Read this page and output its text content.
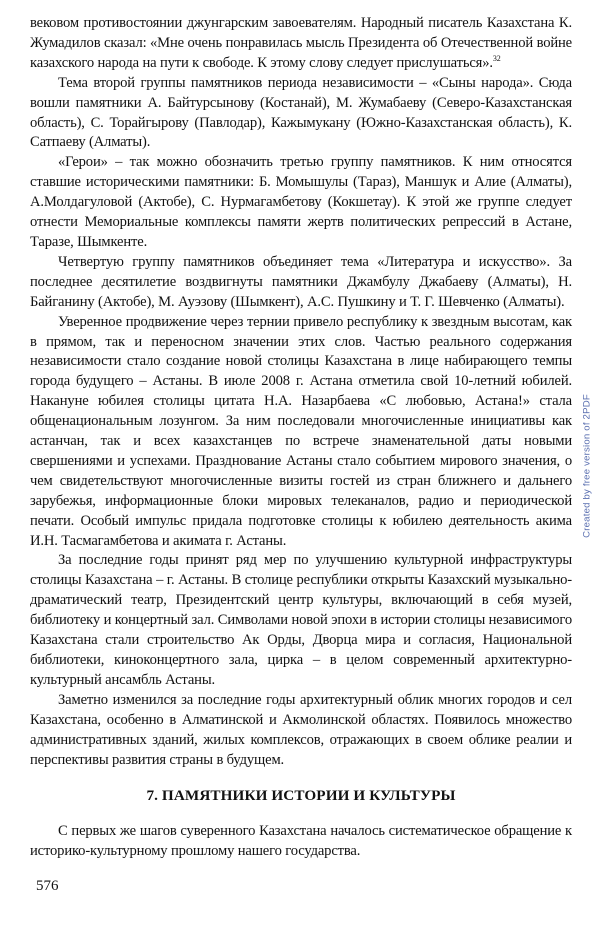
вековом противостоянии джунгарским завоевателям. Народный писатель Казахстана К. Жумадилов сказал: «Мне очень понравилась мысль Президента об Отечественной войне казахского народа на пути к свободе. К этому слову следует прислушаться».$^{32}$

Тема второй группы памятников периода независимости – «Сыны народа». Сюда вошли памятники А. Байтурсынову (Костанай), М. Жумабаеву (Северо-Казахстанская область), С. Торайгырову (Павлодар), Кажымукану (Южно-Казахстанская область), К. Сатпаеву (Алматы).

«Герои» – так можно обозначить третью группу памятников. К ним относятся ставшие историческими памятники: Б. Момышулы (Тараз), Маншук и Алие (Алматы), А.Молдагуловой (Актобе), С. Нурмагамбетову (Кокшетау). К этой же группе следует отнести Мемориальные комплексы памяти жертв политических репрессий в Астане, Таразе, Шымкенте.

Четвертую группу памятников объединяет тема «Литература и искусство». За последнее десятилетие воздвигнуты памятники Джамбулу Джабаеву (Алматы), Н. Байганину (Актобе), М. Ауэзову (Шымкент), А.С. Пушкину и Т. Г. Шевченко (Алматы).

Уверенное продвижение через тернии привело республику к звездным высотам, как в прямом, так и переносном значении этих слов. Частью реального содержания независимости стало создание новой столицы Казахстана в лице набирающего темпы города будущего – Астаны. В июле 2008 г. Астана отметила свой 10-летний юбилей. Накануне юбилея столицы цитата Н.А. Назарбаева «С любовью, Астана!» стала общенациональным лозунгом. За ним последовали многочисленные инициативы как астанчан, так и всех казахстанцев по встрече знаменательной даты новыми свершениями и успехами. Празднование Астаны стало событием мирового значения, о чем свидетельствуют многочисленные визиты гостей из стран ближнего и дальнего зарубежья, информационные блоки мировых телеканалов, радио и периодической печати. Особый импульс придала подготовке столицы к юбилею деятельность акима И.Н. Тасмагамбетова и акимата г. Астаны.

За последние годы принят ряд мер по улучшению культурной инфраструктуры столицы Казахстана – г. Астаны. В столице республики открыты Казахский музыкально-драматический театр, Президентский центр культуры, включающий в себя музей, библиотеку и концертный зал. Символами новой эпохи в истории столицы независимого Казахстана стали строительство Ак Орды, Дворца мира и согласия, Национальной библиотеки, киноконцертного зала, цирка – в целом современный архитектурно-культурный ансамбль Астаны.

Заметно изменился за последние годы архитектурный облик многих городов и сел Казахстана, особенно в Алматинской и Акмолинской областях. Появилось множество административных зданий, жилых комплексов, отражающих в своем облике реалии и перспективы развития страны в будущем.

7. ПАМЯТНИКИ ИСТОРИИ И КУЛЬТУРЫ

С первых же шагов суверенного Казахстана началось систематическое обращение к историко-культурному прошлому нашего государства.

576
Created by free version of 2PDF
